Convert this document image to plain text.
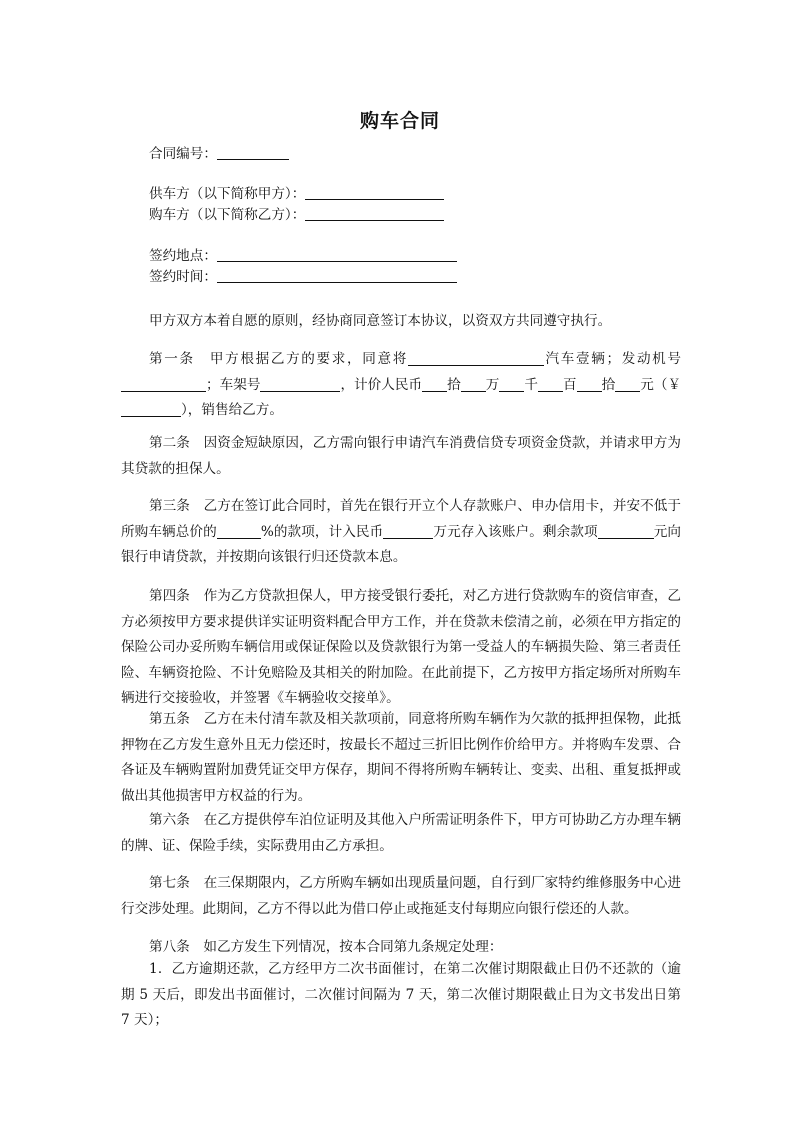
购车合同
合同编号：
供车方（以下简称甲方）：
购车方（以下简称乙方）：
签约地点：
签约时间：
甲方双方本着自愿的原则，经协商同意签订本协议，以资双方共同遵守执行。
第一条　甲方根据乙方的要求，同意将	汽车壹辆；发动机号；车架号	，计价人民币 拾 万 千 百 拾 元（￥），销售给乙方。
第二条　因资金短缺原因，乙方需向银行申请汽车消费信贷专项资金贷款，并请求甲方为其贷款的担保人。
第三条　乙方在签订此合同时，首先在银行开立个人存款账户、申办信用卡，并安不低于所购车辆总价的	%的款项，计入民币	万元存入该账户。剩余款项	元向银行申请贷款，并按期向该银行归还贷款本息。
第四条　作为乙方贷款担保人，甲方接受银行委托，对乙方进行贷款购车的资信审查，乙方必须按甲方要求提供详实证明资料配合甲方工作，并在贷款未偿清之前，必须在甲方指定的保险公司办妥所购车辆信用或保证保险以及贷款银行为第一受益人的车辆损失险、第三者责任险、车辆资抢险、不计免赔险及其相关的附加险。在此前提下，乙方按甲方指定场所对所购车辆进行交接验收，并签署《车辆验收交接单》。
第五条　乙方在未付清车款及相关款项前，同意将所购车辆作为欠款的抵押担保物，此抵押物在乙方发生意外且无力偿还时，按最长不超过三折旧比例作价给甲方。并将购车发票、合各证及车辆购置附加费凭证交甲方保存，期间不得将所购车辆转让、变卖、出租、重复抵押或做出其他损害甲方权益的行为。
第六条　在乙方提供停车泊位证明及其他入户所需证明条件下，甲方可协助乙方办理车辆的牌、证、保险手续，实际费用由乙方承担。
第七条　在三保期限内，乙方所购车辆如出现质量问题，自行到厂家特约维修服务中心进行交涉处理。此期间，乙方不得以此为借口停止或拖延支付每期应向银行偿还的人款。
第八条　如乙方发生下列情况，按本合同第九条规定处理：
1．乙方逾期还款，乙方经甲方二次书面催讨，在第二次催讨期限截止日仍不还款的（逾期 5 天后，即发出书面催讨，二次催讨间隔为 7 天，第二次催讨期限截止日为文书发出日第 7 天）；
